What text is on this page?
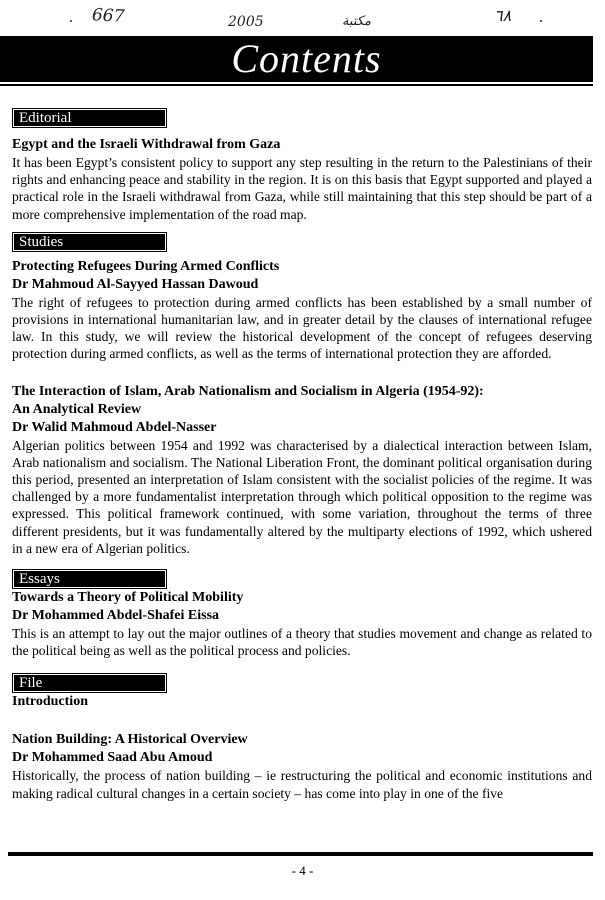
667	2005	مكتبة	٦٨
Contents
Editorial
Egypt and the Israeli Withdrawal from Gaza
It has been Egypt’s consistent policy to support any step resulting in the return to the Palestinians of their rights and enhancing peace and stability in the region. It is on this basis that Egypt supported and played a practical role in the Israeli withdrawal from Gaza, while still maintaining that this step should be part of a more comprehensive implementation of the road map.
Studies
Protecting Refugees During Armed Conflicts
Dr Mahmoud Al-Sayyed Hassan Dawoud
The right of refugees to protection during armed conflicts has been established by a small number of provisions in international humanitarian law, and in greater detail by the clauses of international refugee law. In this study, we will review the historical development of the concept of refugees deserving protection during armed conflicts, as well as the terms of international protection they are afforded.
The Interaction of Islam, Arab Nationalism and Socialism in Algeria (1954-92):
An Analytical Review
Dr Walid Mahmoud Abdel-Nasser
Algerian politics between 1954 and 1992 was characterised by a dialectical interaction between Islam, Arab nationalism and socialism. The National Liberation Front, the dominant political organisation during this period, presented an interpretation of Islam consistent with the socialist policies of the regime. It was challenged by a more fundamentalist interpretation through which political opposition to the regime was expressed. This political framework continued, with some variation, throughout the terms of three different presidents, but it was fundamentally altered by the multiparty elections of 1992, which ushered in a new era of Algerian politics.
Essays
Towards a Theory of Political Mobility
Dr Mohammed Abdel-Shafei Eissa
This is an attempt to lay out the major outlines of a theory that studies movement and change as related to the political being as well as the political process and policies.
File
Introduction
Nation Building: A Historical Overview
Dr Mohammed Saad Abu Amoud
Historically, the process of nation building – ie restructuring the political and economic institutions and making radical cultural changes in a certain society – has come into play in one of the five
- 4 -
